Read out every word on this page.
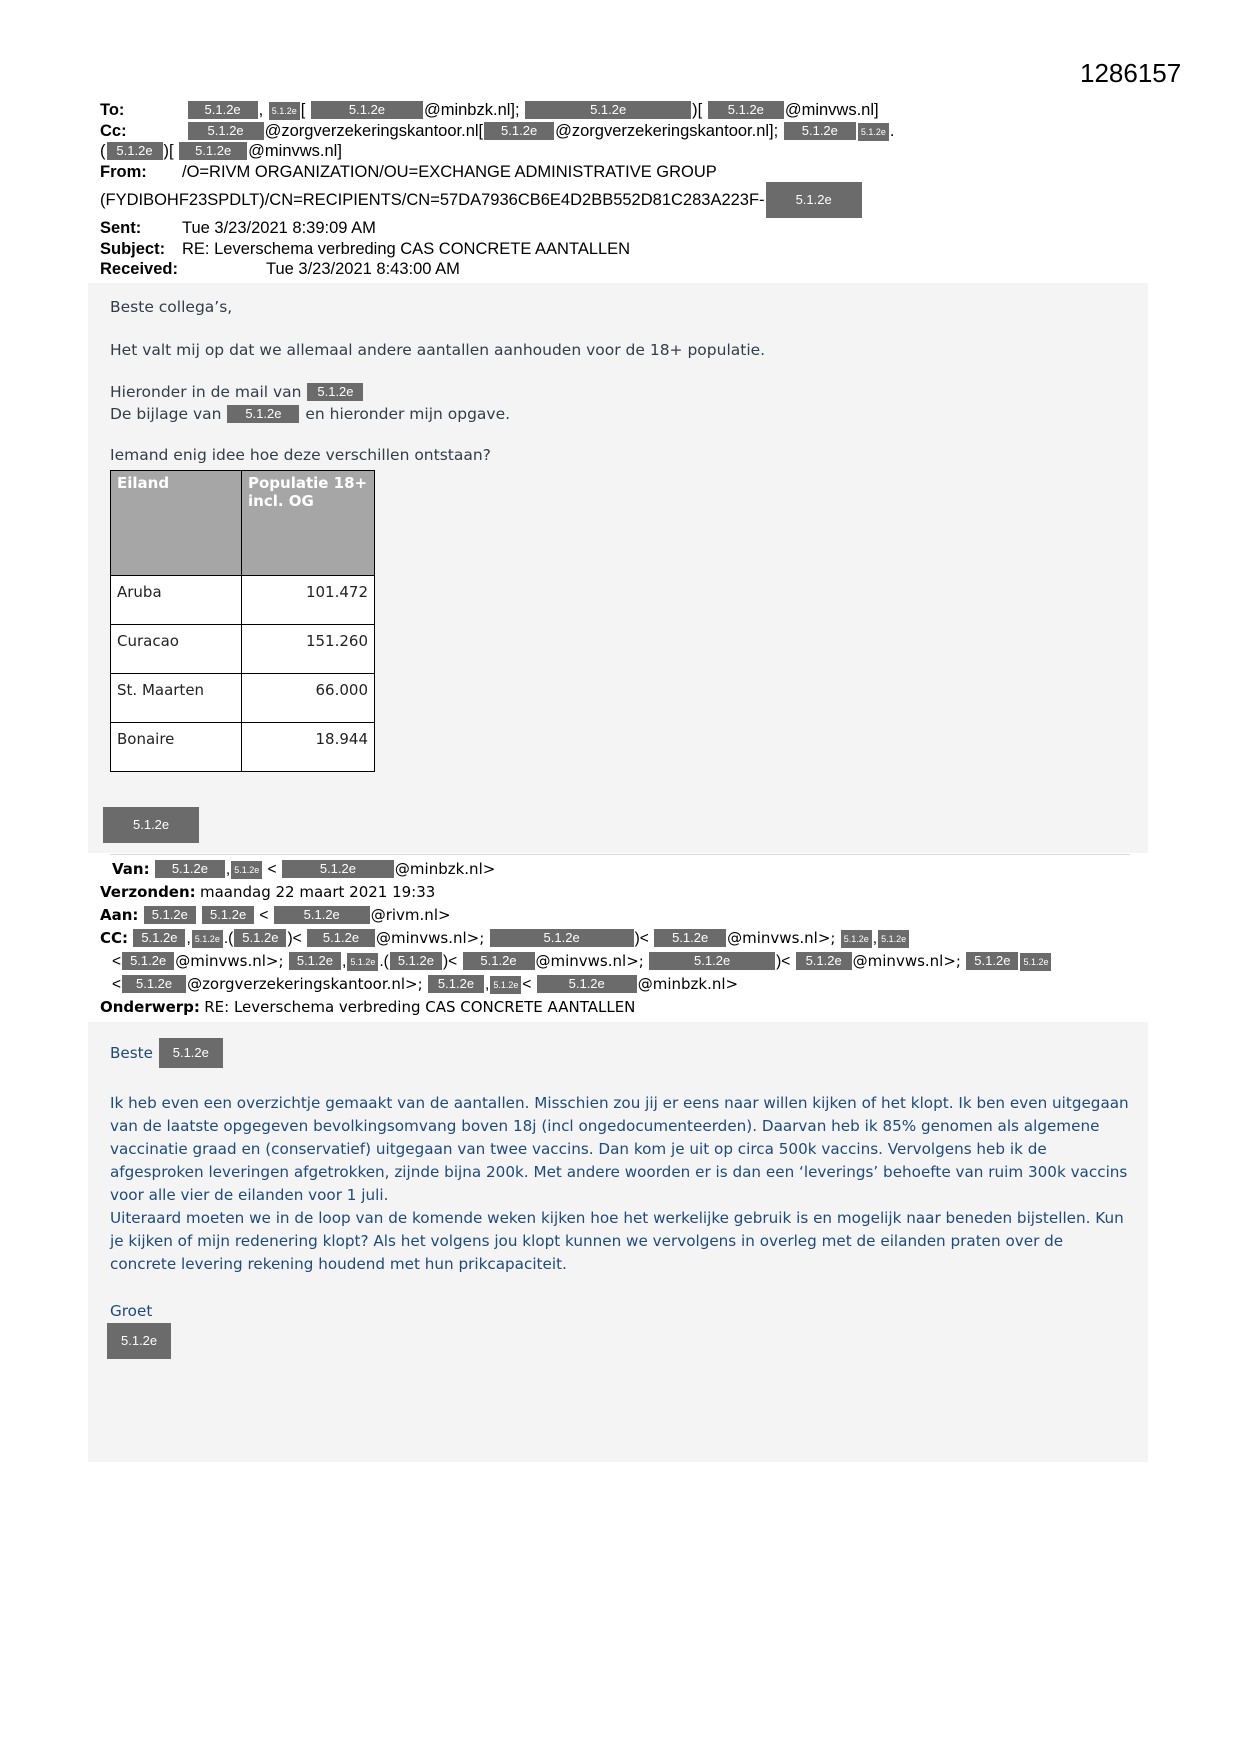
1286157
To:	5.1.2e , 5.1.2e [	5.1.2e @minbzk.nl];	5.1.2e	)[ 5.1.2e @minvws.nl]
Cc:	5.1.2e @zorgverzekeringskantoor.nl[ 5.1.2e @zorgverzekeringskantoor.nl]; 5.1.2e	5.1.2e .
( 5.1.2e )[ 5.1.2e @minvws.nl]
From: /O=RIVM ORGANIZATION/OU=EXCHANGE ADMINISTRATIVE GROUP
(FYDIBOHF23SPDLT)/CN=RECIPIENTS/CN=57DA7936CB6E4D2BB552D81C283A223F- 5.1.2e
Sent: Tue 3/23/2021 8:39:09 AM
Subject: RE: Leverschema verbreding CAS CONCRETE AANTALLEN
Received:	Tue 3/23/2021 8:43:00 AM
Beste collega’s,
Het valt mij op dat we allemaal andere aantallen aanhouden voor de 18+ populatie.
Hieronder in de mail van 5.1.2e
De bijlage van 5.1.2e en hieronder mijn opgave.
Iemand enig idee hoe deze verschillen ontstaan?
Eiland	Populatie 18+ incl. OG
Aruba	101.472
Curacao	151.260
St. Maarten	66.000
Bonaire	18.944
5.1.2e
Van: 5.1.2e , 5.1.2e <	5.1.2e	@minbzk.nl>
Verzonden: maandag 22 maart 2021 19:33
Aan: 5.1.2e 5.1.2e < 5.1.2e @rivm.nl>
CC: 5.1.2e , 5.1.2e .( 5.1.2e )< 5.1.2e @minvws.nl>;	5.1.2e	)< 5.1.2e @minvws.nl>; 5.1.2e , 5.1.2e
< 5.1.2e @minvws.nl>; 5.1.2e , 5.1.2e .( 5.1.2e )< 5.1.2e @minvws.nl>;	5.1.2e	)< 5.1.2e @minvws.nl>; 5.1.2e 5.1.2e
< 5.1.2e @zorgverzekeringskantoor.nl>; 5.1.2e , 5.1.2e <	5.1.2e @minbzk.nl>
Onderwerp: RE: Leverschema verbreding CAS CONCRETE AANTALLEN
Beste 5.1.2e
Ik heb even een overzichtje gemaakt van de aantallen. Misschien zou jij er eens naar willen kijken of het klopt. Ik ben even uitgegaan van de laatste opgegeven bevolkingsomvang boven 18j (incl ongedocumenteerden). Daarvan heb ik 85% genomen als algemene vaccinatie graad en (conservatief) uitgegaan van twee vaccins. Dan kom je uit op circa 500k vaccins. Vervolgens heb ik de afgesproken leveringen afgetrokken, zijnde bijna 200k. Met andere woorden er is dan een ‘leverings’ behoefte van ruim 300k vaccins voor alle vier de eilanden voor 1 juli.
Uiteraard moeten we in de loop van de komende weken kijken hoe het werkelijke gebruik is en mogelijk naar beneden bijstellen. Kun je kijken of mijn redenering klopt? Als het volgens jou klopt kunnen we vervolgens in overleg met de eilanden praten over de concrete levering rekening houdend met hun prikcapaciteit.
Groet
5.1.2e
